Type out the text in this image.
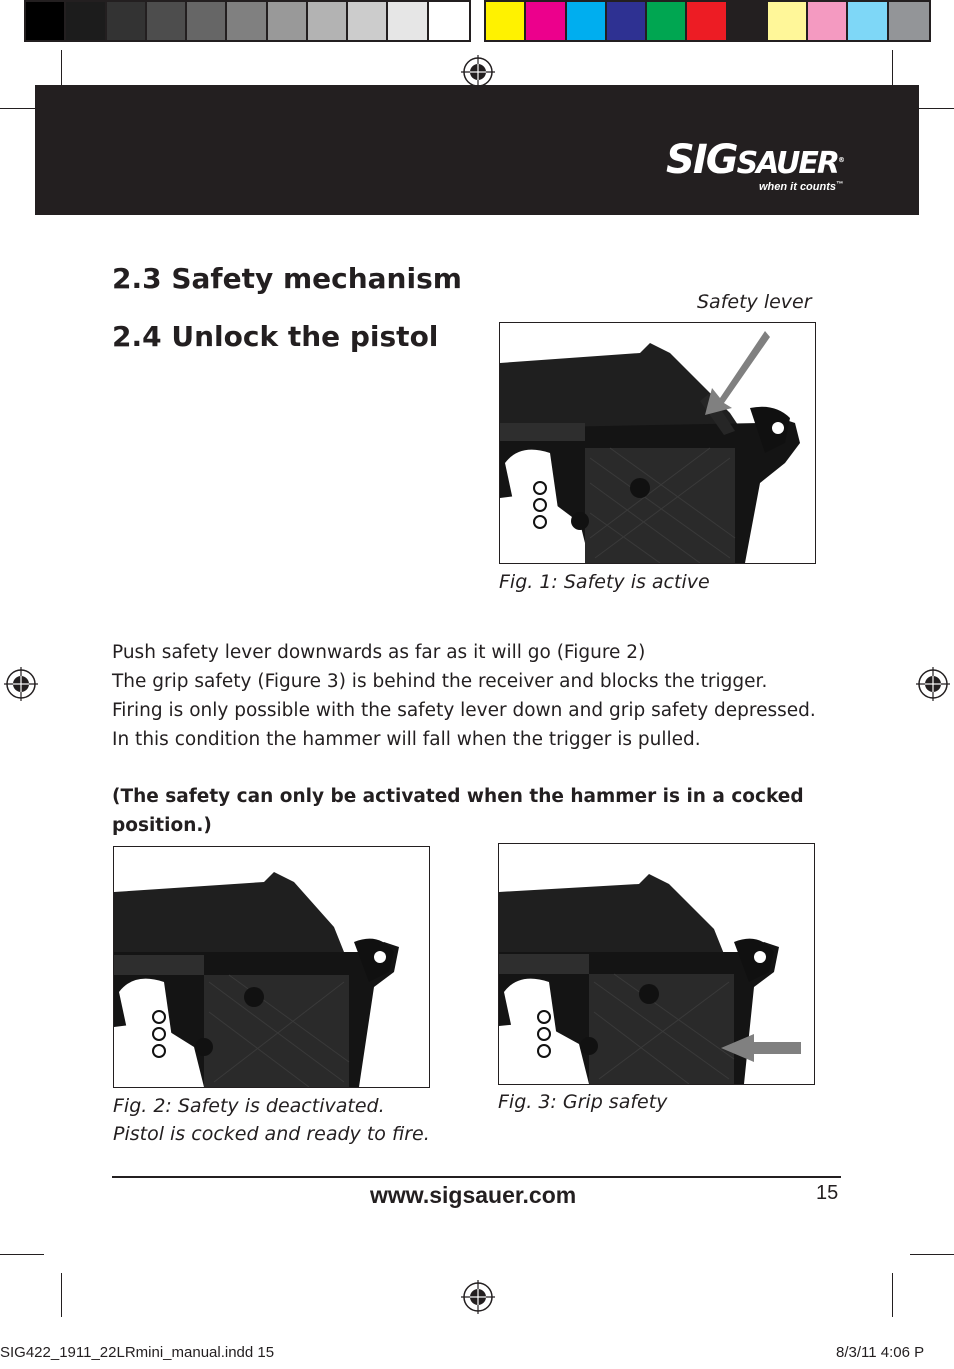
SIGSAUER®
when it counts™
2.3 Safety mechanism
2.4 Unlock the pistol
Safety lever
Fig. 1: Safety is active
Push safety lever downwards as far as it will go (Figure 2)
The grip safety (Figure 3) is behind the receiver and blocks the trigger.
Firing is only possible with the safety lever down and grip safety depressed.
In this condition the hammer will fall when the trigger is pulled.
(The safety can only be activated when the hammer is in a cocked
position.)
Fig. 2: Safety is deactivated.
Pistol is cocked and ready to fire.
Fig. 3: Grip safety
www.sigsauer.com	15
SIG422_1911_22LRmini_manual.indd 15	8/3/11 4:06 P
